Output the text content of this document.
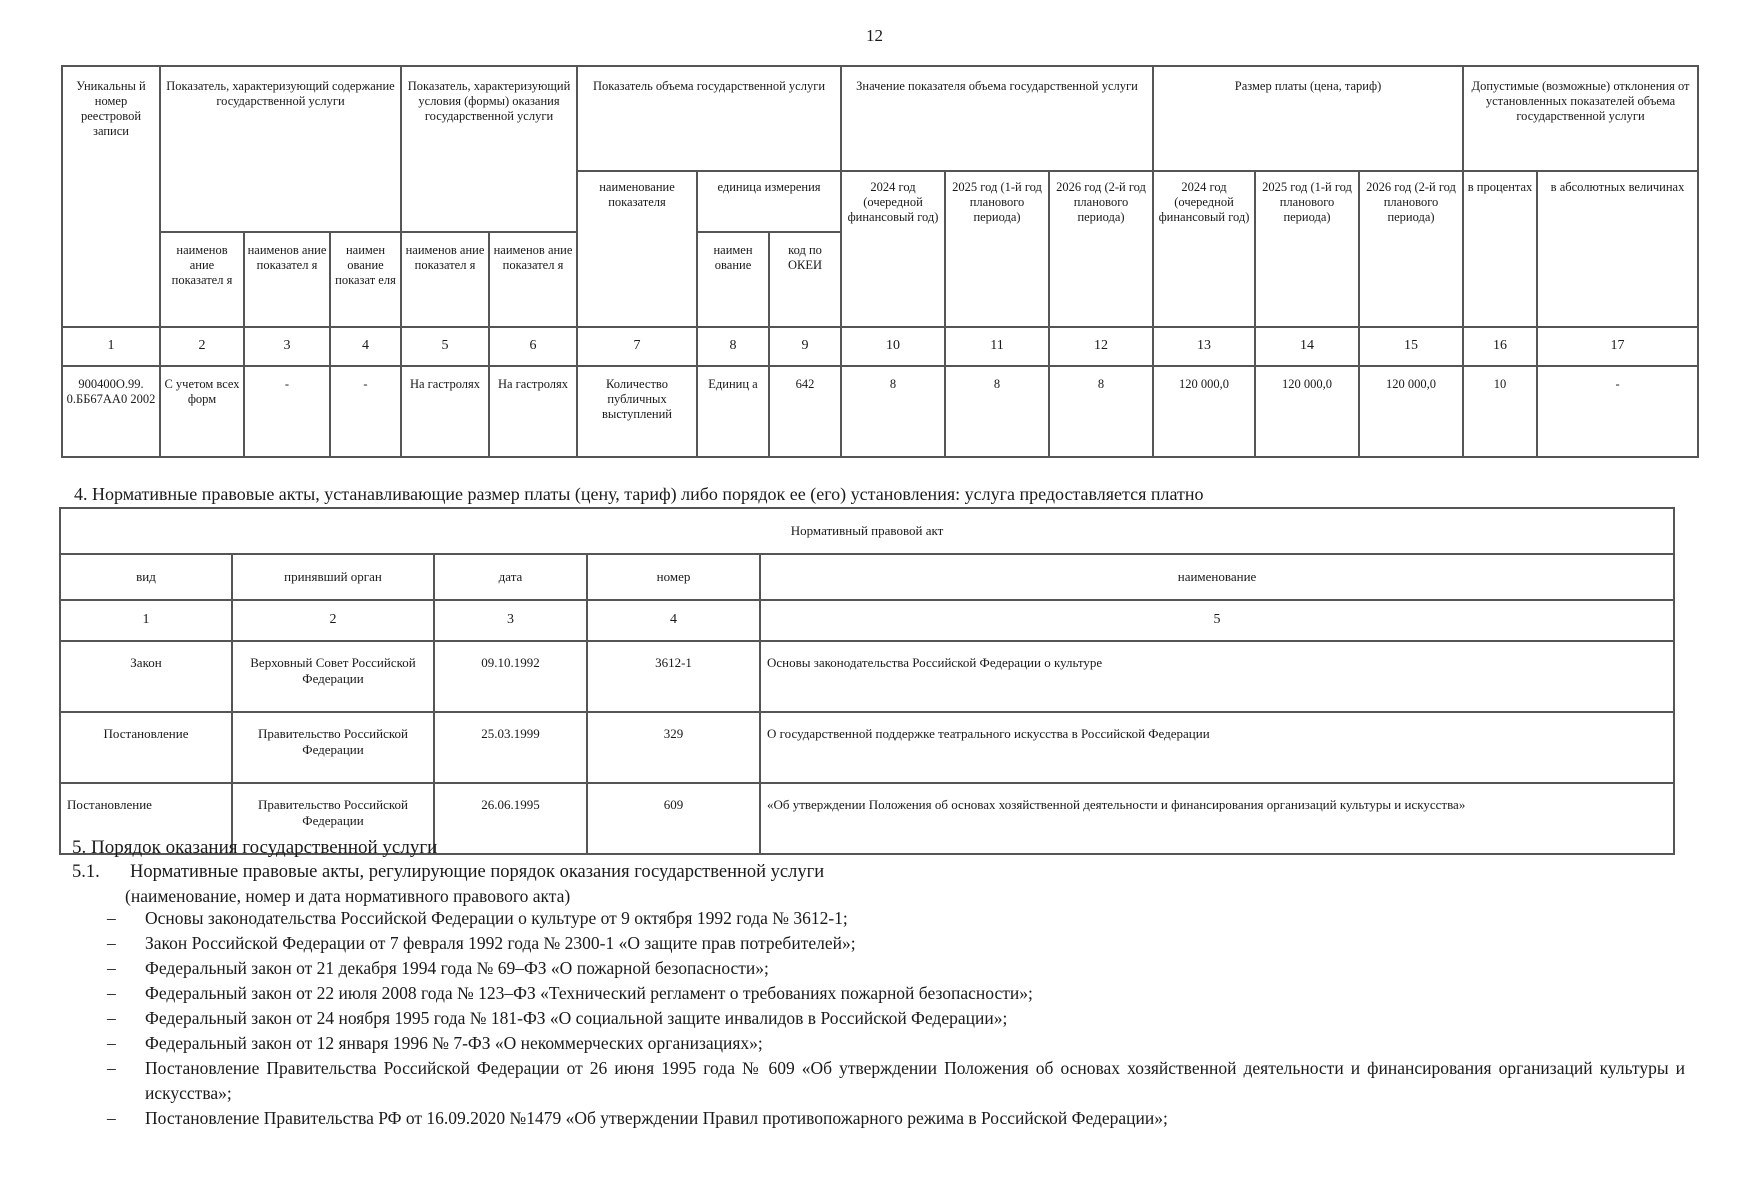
12
Уникальны й номер реестровой записи	Показатель, характеризующий содержание государственной услуги			Показатель, характеризующий условия (формы) оказания государственной услуги		Показатель объема государственной услуги			Значение показателя объема государственной услуги			Размер платы (цена, тариф)			Допустимые (возможные) отклонения от установленных показателей объема государственной услуги	
						наименование показателя	единица измерения		2024 год (очередной финансовый год)	2025 год (1-й год планового периода)	2026 год (2-й год планового периода)	2024 год (очередной финансовый год)	2025 год (1-й год планового периода)	2026 год (2-й год планового периода)	в процентах	в абсолютных величинах
	наименов ание показател я	наименов ание показател я	наимен ование показат еля	наименов ание показател я	наименов ание показател я		наимен ование	код по ОКЕИ								
1	2	3	4	5	6	7	8	9	10	11	12	13	14	15	16	17
900400О.99. 0.ББ67АА0 2002	С учетом всех форм	-	-	На гастролях	На гастролях	Количество публичных выступлений	Единиц а	642	8	8	8	120 000,0	120 000,0	120 000,0	10	-
4. Нормативные правовые акты, устанавливающие размер платы (цену, тариф) либо порядок ее (его) установления: услуга предоставляется платно
Нормативный правовой акт				
вид	принявший орган	дата	номер	наименование
1	2	3	4	5
Закон	Верховный Совет Российской Федерации	09.10.1992	3612-1	Основы законодательства Российской Федерации о культуре
Постановление	Правительство Российской Федерации	25.03.1999	329	О государственной поддержке театрального искусства в Российской Федерации
Постановление	Правительство Российской Федерации	26.06.1995	609	«Об утверждении Положения об основах хозяйственной деятельности и финансирования организаций культуры и искусства»
5. Порядок оказания государственной услуги
5.1. Нормативные правовые акты, регулирующие порядок оказания государственной услуги
(наименование, номер и дата нормативного правового акта)
– Основы законодательства Российской Федерации о культуре от 9 октября 1992 года № 3612-1;
– Закон Российской Федерации от 7 февраля 1992 года № 2300-1 «О защите прав потребителей»;
– Федеральный закон от 21 декабря 1994 года № 69–ФЗ «О пожарной безопасности»;
– Федеральный закон от 22 июля 2008 года № 123–ФЗ «Технический регламент о требованиях пожарной безопасности»;
– Федеральный закон от 24 ноября 1995 года № 181-ФЗ «О социальной защите инвалидов в Российской Федерации»;
– Федеральный закон от 12 января 1996 № 7-ФЗ «О некоммерческих организациях»;
– Постановление Правительства Российской Федерации от 26 июня 1995 года № 609 «Об утверждении Положения об основах хозяйственной деятельности и финансирования организаций культуры и искусства»;
– Постановление Правительства РФ от 16.09.2020 №1479 «Об утверждении Правил противопожарного режима в Российской Федерации»;
